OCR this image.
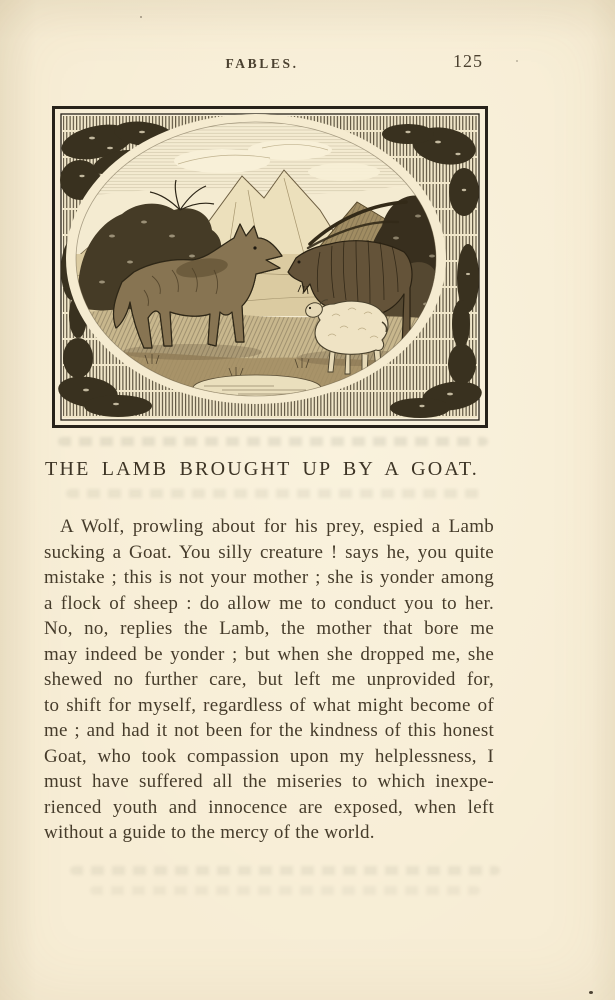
FABLES.	125
THE LAMB BROUGHT UP BY A GOAT.
A Wolf, prowling about for his prey, espied a Lamb
sucking a Goat. You silly creature ! says he, you quite
mistake ; this is not your mother ; she is yonder among
a flock of sheep : do allow me to conduct you to her.
No, no, replies the Lamb, the mother that bore me
may indeed be yonder ; but when she dropped me, she
shewed no further care, but left me unprovided for,
to shift for myself, regardless of what might become of
me ; and had it not been for the kindness of this honest
Goat, who took compassion upon my helplessness, I
must have suffered all the miseries to which inexpe-
rienced youth and innocence are exposed, when left
without a guide to the mercy of the world.
